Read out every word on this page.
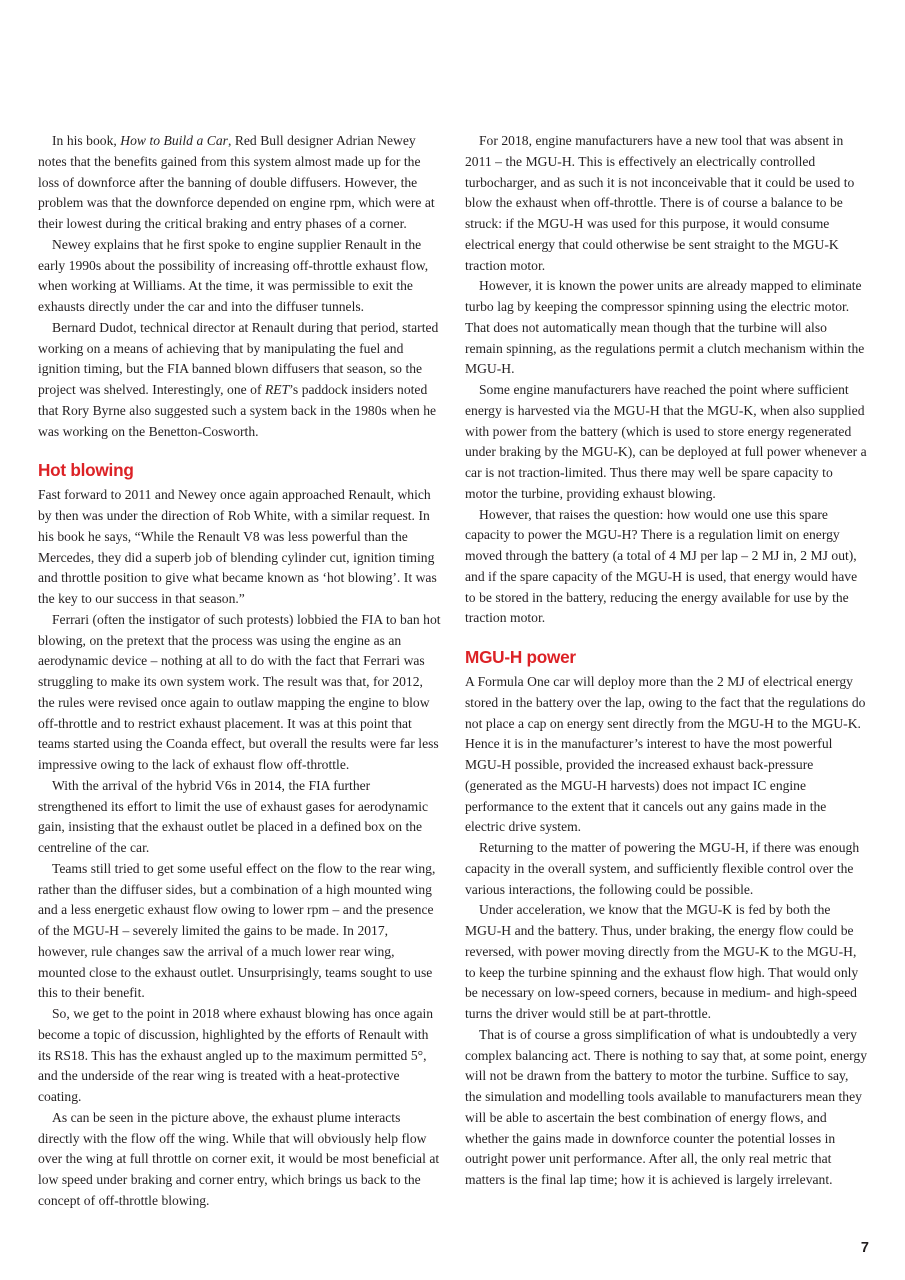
In his book, How to Build a Car, Red Bull designer Adrian Newey notes that the benefits gained from this system almost made up for the loss of downforce after the banning of double diffusers. However, the problem was that the downforce depended on engine rpm, which were at their lowest during the critical braking and entry phases of a corner.

Newey explains that he first spoke to engine supplier Renault in the early 1990s about the possibility of increasing off-throttle exhaust flow, when working at Williams. At the time, it was permissible to exit the exhausts directly under the car and into the diffuser tunnels.

Bernard Dudot, technical director at Renault during that period, started working on a means of achieving that by manipulating the fuel and ignition timing, but the FIA banned blown diffusers that season, so the project was shelved. Interestingly, one of RET’s paddock insiders noted that Rory Byrne also suggested such a system back in the 1980s when he was working on the Benetton-Cosworth.

Hot blowing

Fast forward to 2011 and Newey once again approached Renault, which by then was under the direction of Rob White, with a similar request. In his book he says, “While the Renault V8 was less powerful than the Mercedes, they did a superb job of blending cylinder cut, ignition timing and throttle position to give what became known as ‘hot blowing’. It was the key to our success in that season.”

Ferrari (often the instigator of such protests) lobbied the FIA to ban hot blowing, on the pretext that the process was using the engine as an aerodynamic device – nothing at all to do with the fact that Ferrari was struggling to make its own system work. The result was that, for 2012, the rules were revised once again to outlaw mapping the engine to blow off-throttle and to restrict exhaust placement. It was at this point that teams started using the Coanda effect, but overall the results were far less impressive owing to the lack of exhaust flow off-throttle.

With the arrival of the hybrid V6s in 2014, the FIA further strengthened its effort to limit the use of exhaust gases for aerodynamic gain, insisting that the exhaust outlet be placed in a defined box on the centreline of the car.

Teams still tried to get some useful effect on the flow to the rear wing, rather than the diffuser sides, but a combination of a high mounted wing and a less energetic exhaust flow owing to lower rpm – and the presence of the MGU-H – severely limited the gains to be made. In 2017, however, rule changes saw the arrival of a much lower rear wing, mounted close to the exhaust outlet. Unsurprisingly, teams sought to use this to their benefit.

So, we get to the point in 2018 where exhaust blowing has once again become a topic of discussion, highlighted by the efforts of Renault with its RS18. This has the exhaust angled up to the maximum permitted 5°, and the underside of the rear wing is treated with a heat-protective coating.

As can be seen in the picture above, the exhaust plume interacts directly with the flow off the wing. While that will obviously help flow over the wing at full throttle on corner exit, it would be most beneficial at low speed under braking and corner entry, which brings us back to the concept of off-throttle blowing.

For 2018, engine manufacturers have a new tool that was absent in 2011 – the MGU-H. This is effectively an electrically controlled turbocharger, and as such it is not inconceivable that it could be used to blow the exhaust when off-throttle. There is of course a balance to be struck: if the MGU-H was used for this purpose, it would consume electrical energy that could otherwise be sent straight to the MGU-K traction motor.

However, it is known the power units are already mapped to eliminate turbo lag by keeping the compressor spinning using the electric motor. That does not automatically mean though that the turbine will also remain spinning, as the regulations permit a clutch mechanism within the MGU-H.

Some engine manufacturers have reached the point where sufficient energy is harvested via the MGU-H that the MGU-K, when also supplied with power from the battery (which is used to store energy regenerated under braking by the MGU-K), can be deployed at full power whenever a car is not traction-limited. Thus there may well be spare capacity to motor the turbine, providing exhaust blowing.

However, that raises the question: how would one use this spare capacity to power the MGU-H? There is a regulation limit on energy moved through the battery (a total of 4 MJ per lap – 2 MJ in, 2 MJ out), and if the spare capacity of the MGU-H is used, that energy would have to be stored in the battery, reducing the energy available for use by the traction motor.

MGU-H power

A Formula One car will deploy more than the 2 MJ of electrical energy stored in the battery over the lap, owing to the fact that the regulations do not place a cap on energy sent directly from the MGU-H to the MGU-K. Hence it is in the manufacturer’s interest to have the most powerful MGU-H possible, provided the increased exhaust back-pressure (generated as the MGU-H harvests) does not impact IC engine performance to the extent that it cancels out any gains made in the electric drive system.

Returning to the matter of powering the MGU-H, if there was enough capacity in the overall system, and sufficiently flexible control over the various interactions, the following could be possible.

Under acceleration, we know that the MGU-K is fed by both the MGU-H and the battery. Thus, under braking, the energy flow could be reversed, with power moving directly from the MGU-K to the MGU-H, to keep the turbine spinning and the exhaust flow high. That would only be necessary on low-speed corners, because in medium- and high-speed turns the driver would still be at part-throttle.

That is of course a gross simplification of what is undoubtedly a very complex balancing act. There is nothing to say that, at some point, energy will not be drawn from the battery to motor the turbine. Suffice to say, the simulation and modelling tools available to manufacturers mean they will be able to ascertain the best combination of energy flows, and whether the gains made in downforce counter the potential losses in outright power unit performance. After all, the only real metric that matters is the final lap time; how it is achieved is largely irrelevant.

7
